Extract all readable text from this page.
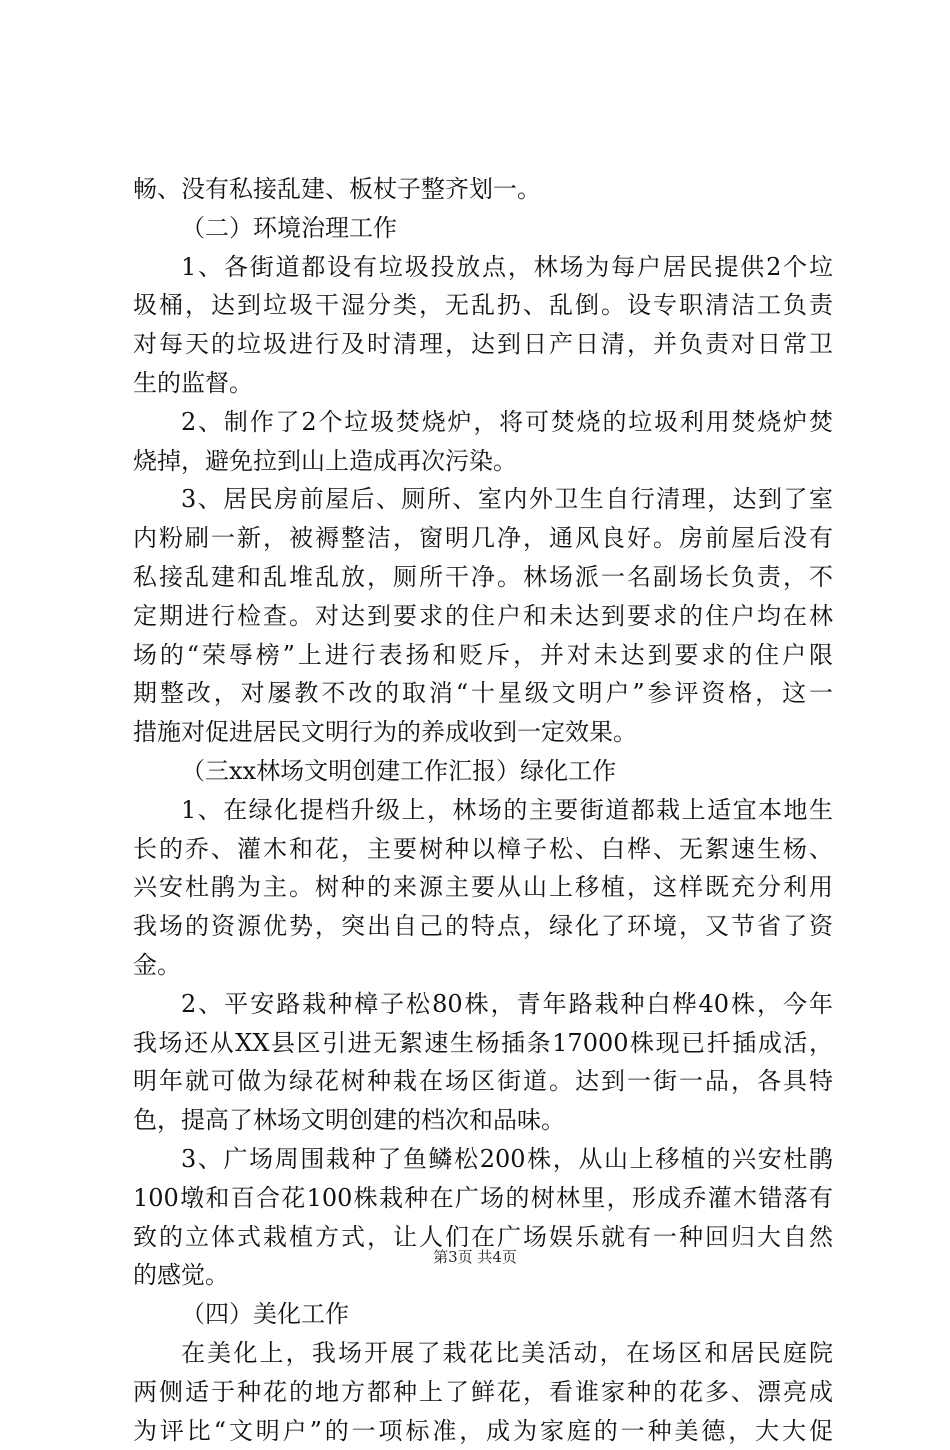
畅、没有私接乱建、板杖子整齐划一。
（二）环境治理工作
1、各街道都设有垃圾投放点，林场为每户居民提供2个垃
圾桶，达到垃圾干湿分类，无乱扔、乱倒。设专职清洁工负责
对每天的垃圾进行及时清理，达到日产日清，并负责对日常卫
生的监督。
2、制作了2个垃圾焚烧炉，将可焚烧的垃圾利用焚烧炉焚
烧掉，避免拉到山上造成再次污染。
3、居民房前屋后、厕所、室内外卫生自行清理，达到了室
内粉刷一新，被褥整洁，窗明几净，通风良好。房前屋后没有
私接乱建和乱堆乱放，厕所干净。林场派一名副场长负责，不
定期进行检查。对达到要求的住户和未达到要求的住户均在林
场的“荣辱榜”上进行表扬和贬斥，并对未达到要求的住户限
期整改，对屡教不改的取消“十星级文明户”参评资格，这一
措施对促进居民文明行为的养成收到一定效果。
（三xx林场文明创建工作汇报）绿化工作
1、在绿化提档升级上，林场的主要街道都栽上适宜本地生
长的乔、灌木和花，主要树种以樟子松、白桦、无絮速生杨、
兴安杜鹃为主。树种的来源主要从山上移植，这样既充分利用
我场的资源优势，突出自己的特点，绿化了环境，又节省了资
金。
2、平安路栽种樟子松80株，青年路栽种白桦40株，今年
我场还从XX县区引进无絮速生杨插条17000株现已扦插成活，
明年就可做为绿花树种栽在场区街道。达到一街一品，各具特
色，提高了林场文明创建的档次和品味。
3、广场周围栽种了鱼鳞松200株，从山上移植的兴安杜鹃
100墩和百合花100株栽种在广场的树林里，形成乔灌木错落有
致的立体式栽植方式，让人们在广场娱乐就有一种回归大自然
的感觉。
（四）美化工作
在美化上，我场开展了栽花比美活动，在场区和居民庭院
两侧适于种花的地方都种上了鲜花，看谁家种的花多、漂亮成
为评比“文明户”的一项标准，成为家庭的一种美德，大大促
第3页 共4页
